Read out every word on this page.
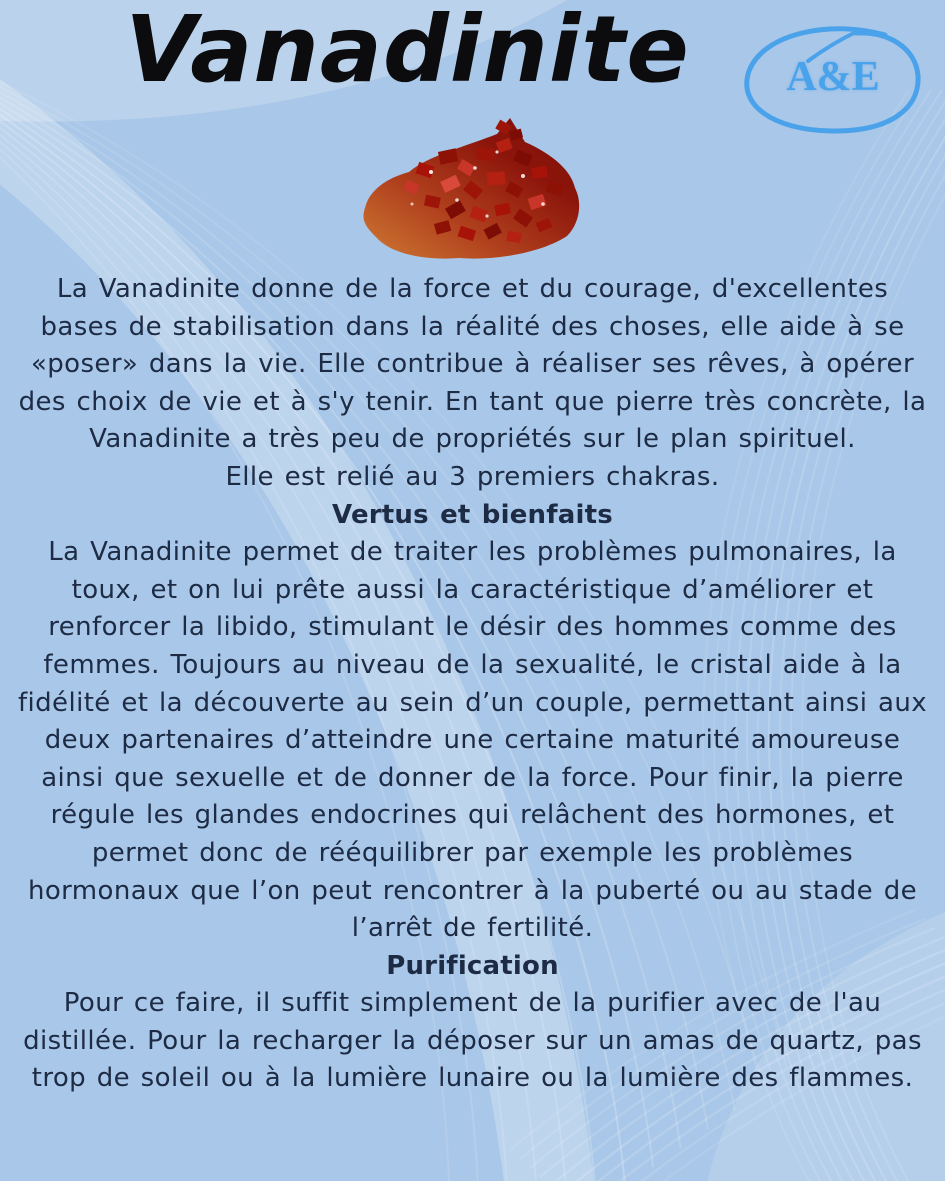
Vanadinite	A&E

La Vanadinite donne de la force et du courage, d'excellentes bases de stabilisation dans la réalité des choses, elle aide à se «poser» dans la vie. Elle contribue à réaliser ses rêves, à opérer des choix de vie et à s'y tenir. En tant que pierre très concrète, la Vanadinite a très peu de propriétés sur le plan spirituel.

Elle est relié au 3 premiers chakras.

Vertus et bienfaits

La Vanadinite permet de traiter les problèmes pulmonaires, la toux, et on lui prête aussi la caractéristique d’améliorer et renforcer la libido, stimulant le désir des hommes comme des femmes. Toujours au niveau de la sexualité, le cristal aide à la fidélité et la découverte au sein d’un couple, permettant ainsi aux deux partenaires d’atteindre une certaine maturité amoureuse ainsi que sexuelle et de donner de la force. Pour finir, la pierre régule les glandes endocrines qui relâchent des hormones, et permet donc de rééquilibrer par exemple les problèmes hormonaux que l’on peut rencontrer à la puberté ou au stade de l’arrêt de fertilité.

Purification

Pour ce faire, il suffit simplement de la purifier avec de l'au distillée. Pour la recharger la déposer sur un amas de quartz, pas trop de soleil ou à la lumière lunaire ou la lumière des flammes.
